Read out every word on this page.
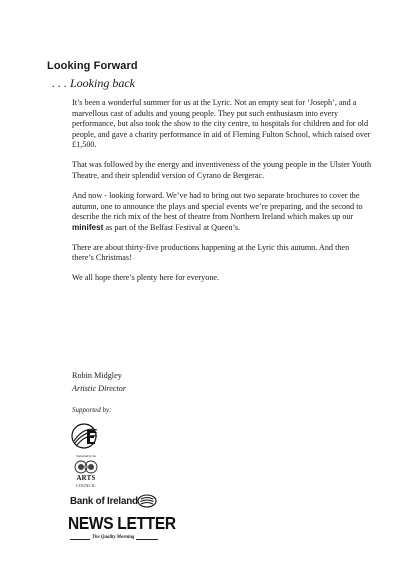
Looking Forward
. . . Looking back

It’s been a wonderful summer for us at the Lyric. Not an empty seat for ‘Joseph’, and a marvellous cast of adults and young people. They put such enthusiasm into every performance, but also took the show to the city centre, to hospitals for children and for old people, and gave a charity performance in aid of Fleming Fulton School, which raised over £1,500.

That was followed by the energy and inventiveness of the young people in the Ulster Youth Theatre, and their splendid version of Cyrano de Bergerac.

And now - looking forward. We’ve had to bring out two separate brochures to cover the autumn, one to announce the plays and special events we’re preparing, and the second to describe the rich mix of the best of theatre from Northern Ireland which makes up our minifest as part of the Belfast Festival at Queen’s.

There are about thirty-five productions happening at the Lyric this autumn. And then there’s Christmas!

We all hope there’s plenty here for everyone.

Robin Midgley
Artistic Director
Supported by:
Supported by the
ARTS
COUNCIL
Bank of Ireland
NEWS LETTER
The Quality Morning
